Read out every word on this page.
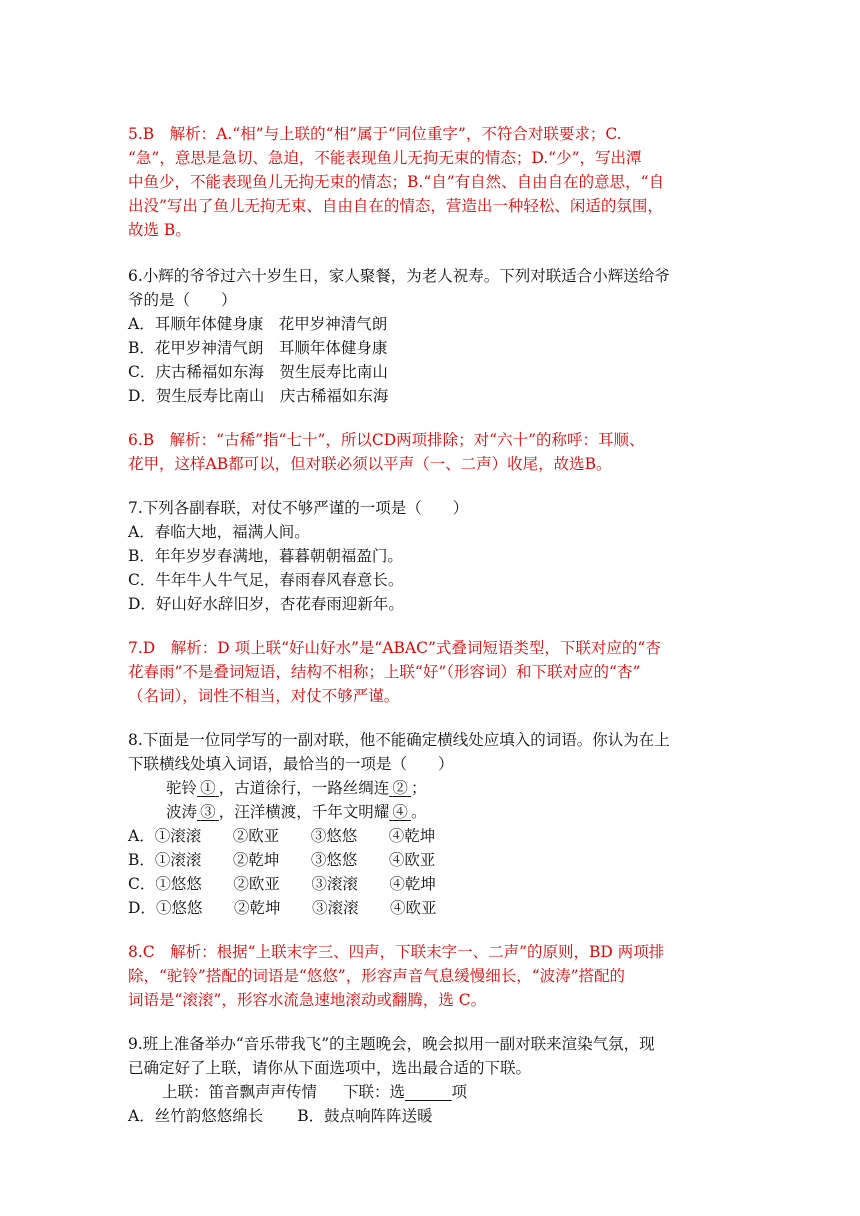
5.B　解析：A.“相”与上联的“相”属于“同位重字”，不符合对联要求；C.
“急”，意思是急切、急迫，不能表现鱼儿无拘无束的情态；D.“少”，写出潭
中鱼少，不能表现鱼儿无拘无束的情态；B.“自”有自然、自由自在的意思，“自
出没”写出了鱼儿无拘无束、自由自在的情态，营造出一种轻松、闲适的氛围，
故选 B。
6.小辉的爷爷过六十岁生日，家人聚餐，为老人祝寿。下列对联适合小辉送给爷
爷的是（　　）
A．耳顺年体健身康　花甲岁神清气朗
B．花甲岁神清气朗　耳顺年体健身康
C．庆古稀福如东海　贺生辰寿比南山
D．贺生辰寿比南山　庆古稀福如东海
6.B　解析：“古稀”指“七十”，所以CD两项排除；对“六十”的称呼：耳顺、
花甲，这样AB都可以，但对联必须以平声（一、二声）收尾，故选B。
7.下列各副春联，对仗不够严谨的一项是（　　）
A．春临大地，福满人间。
B．年年岁岁春满地，暮暮朝朝福盈门。
C．牛年牛人牛气足，春雨春风春意长。
D．好山好水辞旧岁，杏花春雨迎新年。
7.D　解析：D 项上联“好山好水”是“ABAC”式叠词短语类型，下联对应的“杏
花春雨”不是叠词短语，结构不相称；上联“好”（形容词）和下联对应的“杏”
（名词），词性不相当，对仗不够严谨。
8.下面是一位同学写的一副对联，他不能确定横线处应填入的词语。你认为在上
下联横线处填入词语，最恰当的一项是（　　）
驼铃  ①  ，古道徐行，一路丝绸连  ②  ；
波涛  ③  ，汪洋横渡，千年文明耀  ④  。
A．①滚滚 ②欧亚 ③悠悠 ④乾坤
B．①滚滚 ②乾坤 ③悠悠 ④欧亚
C．①悠悠 ②欧亚 ③滚滚 ④乾坤
D．①悠悠 ②乾坤 ③滚滚 ④欧亚
8.C　解析：根据“上联末字三、四声，下联末字一、二声”的原则，BD 两项排
除，“驼铃”搭配的词语是“悠悠”，形容声音气息缓慢细长，“波涛”搭配的
词语是“滚滚”，形容水流急速地滚动或翻腾，选 C。
9.班上准备举办“音乐带我飞”的主题晚会，晚会拟用一副对联来渲染气氛，现
已确定好了上联，请你从下面选项中，选出最合适的下联。
上联：笛音飘声声传情 下联：选　　　	项
A．丝竹韵悠悠绵长 B．鼓点响阵阵送暖
